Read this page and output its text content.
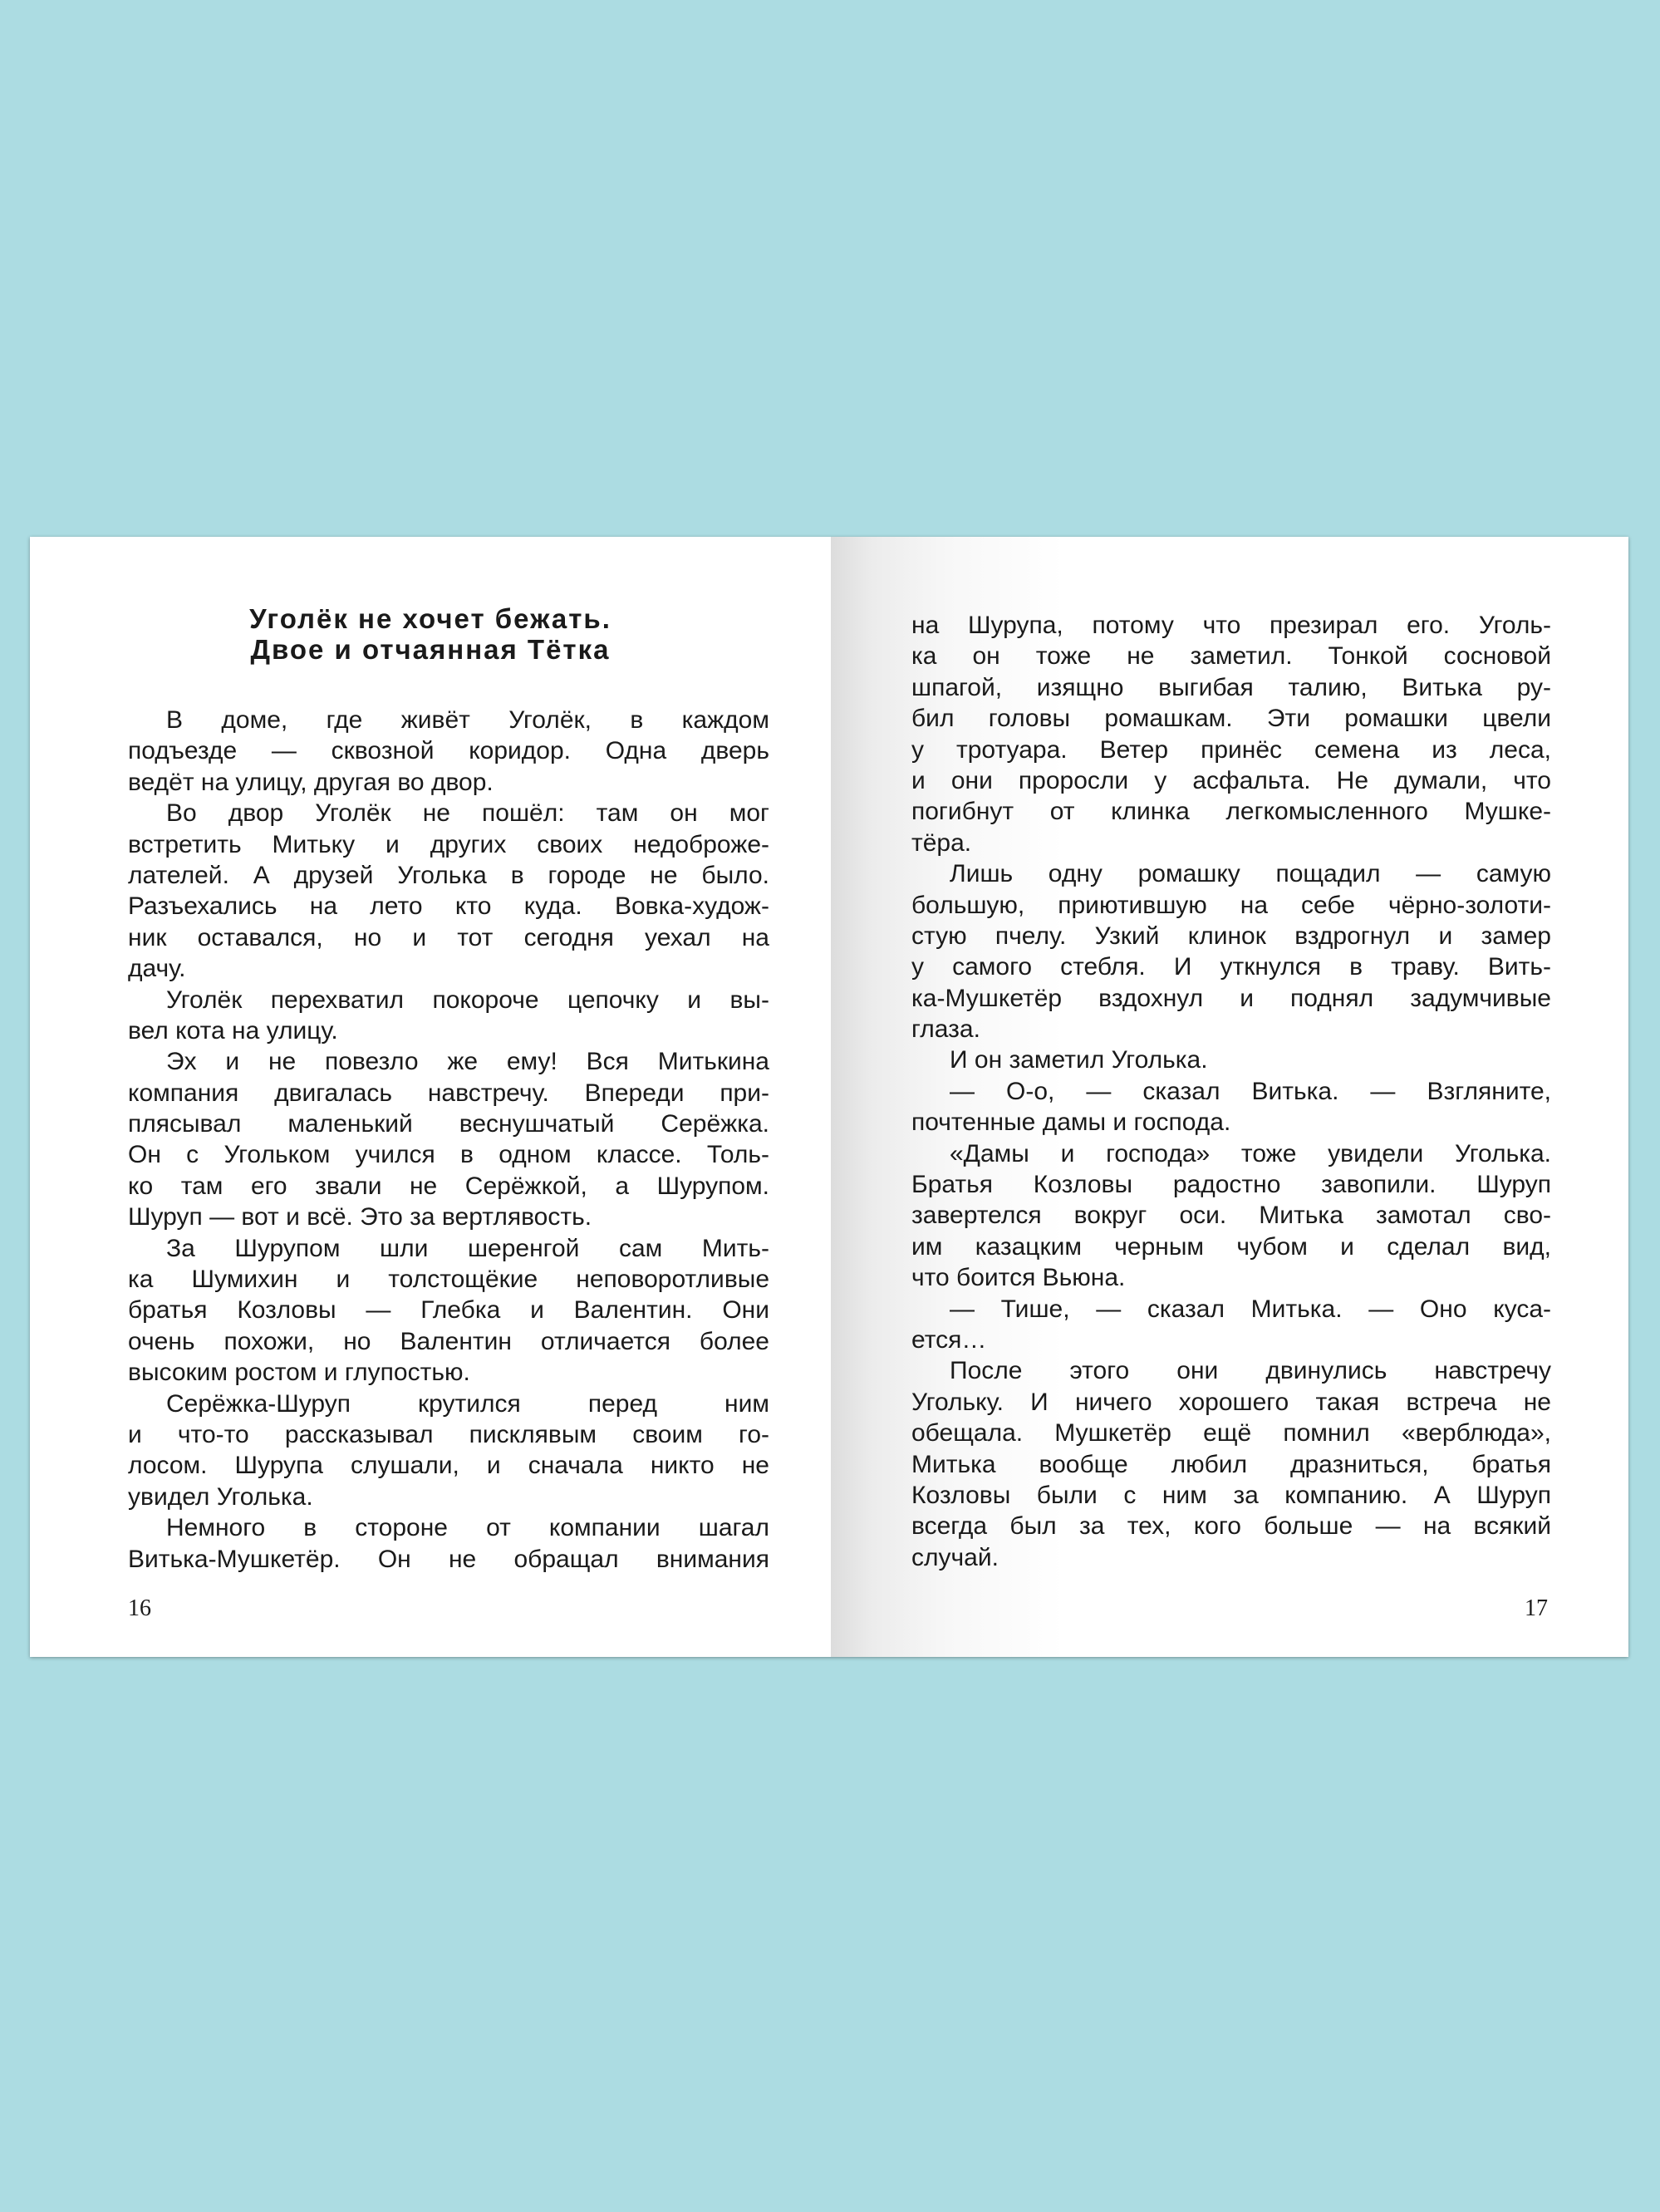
Уголёк не хочет бежать.
Двое и отчаянная Тётка
В доме, где живёт Уголёк, в каждом
подъезде — сквозной коридор. Одна дверь
ведёт на улицу, другая во двор.
Во двор Уголёк не пошёл: там он мог
встретить Митьку и других своих недоброже-
лателей. А друзей Уголька в городе не было.
Разъехались на лето кто куда. Вовка-худож-
ник оставался, но и тот сегодня уехал на
дачу.
Уголёк перехватил покороче цепочку и вы-
вел кота на улицу.
Эх и не повезло же ему! Вся Митькина
компания двигалась навстречу. Впереди при-
плясывал маленький веснушчатый Серёжка.
Он с Угольком учился в одном классе. Толь-
ко там его звали не Серёжкой, а Шурупом.
Шуруп — вот и всё. Это за вертлявость.
За Шурупом шли шеренгой сам Мить-
ка Шумихин и толстощёкие неповоротливые
братья Козловы — Глебка и Валентин. Они
очень похожи, но Валентин отличается более
высоким ростом и глупостью.
Серёжка-Шуруп крутился перед ним
и что-то рассказывал писклявым своим го-
лосом. Шурупа слушали, и сначала никто не
увидел Уголька.
Немного в стороне от компании шагал
Витька-Мушкетёр. Он не обращал внимания
16
на Шурупа, потому что презирал его. Уголь-
ка он тоже не заметил. Тонкой сосновой
шпагой, изящно выгибая талию, Витька ру-
бил головы ромашкам. Эти ромашки цвели
у тротуара. Ветер принёс семена из леса,
и они проросли у асфальта. Не думали, что
погибнут от клинка легкомысленного Мушке-
тёра.
Лишь одну ромашку пощадил — самую
большую, приютившую на себе чёрно-золоти-
стую пчелу. Узкий клинок вздрогнул и замер
у самого стебля. И уткнулся в траву. Вить-
ка-Мушкетёр вздохнул и поднял задумчивые
глаза.
И он заметил Уголька.
— О-о, — сказал Витька. — Взгляните,
почтенные дамы и господа.
«Дамы и господа» тоже увидели Уголька.
Братья Козловы радостно завопили. Шуруп
завертелся вокруг оси. Митька замотал сво-
им казацким черным чубом и сделал вид,
что боится Вьюна.
— Тише, — сказал Митька. — Оно куса-
ется…
После этого они двинулись навстречу
Угольку. И ничего хорошего такая встреча не
обещала. Мушкетёр ещё помнил «верблюда»,
Митька вообще любил дразниться, братья
Козловы были с ним за компанию. А Шуруп
всегда был за тех, кого больше — на всякий
случай.
17
